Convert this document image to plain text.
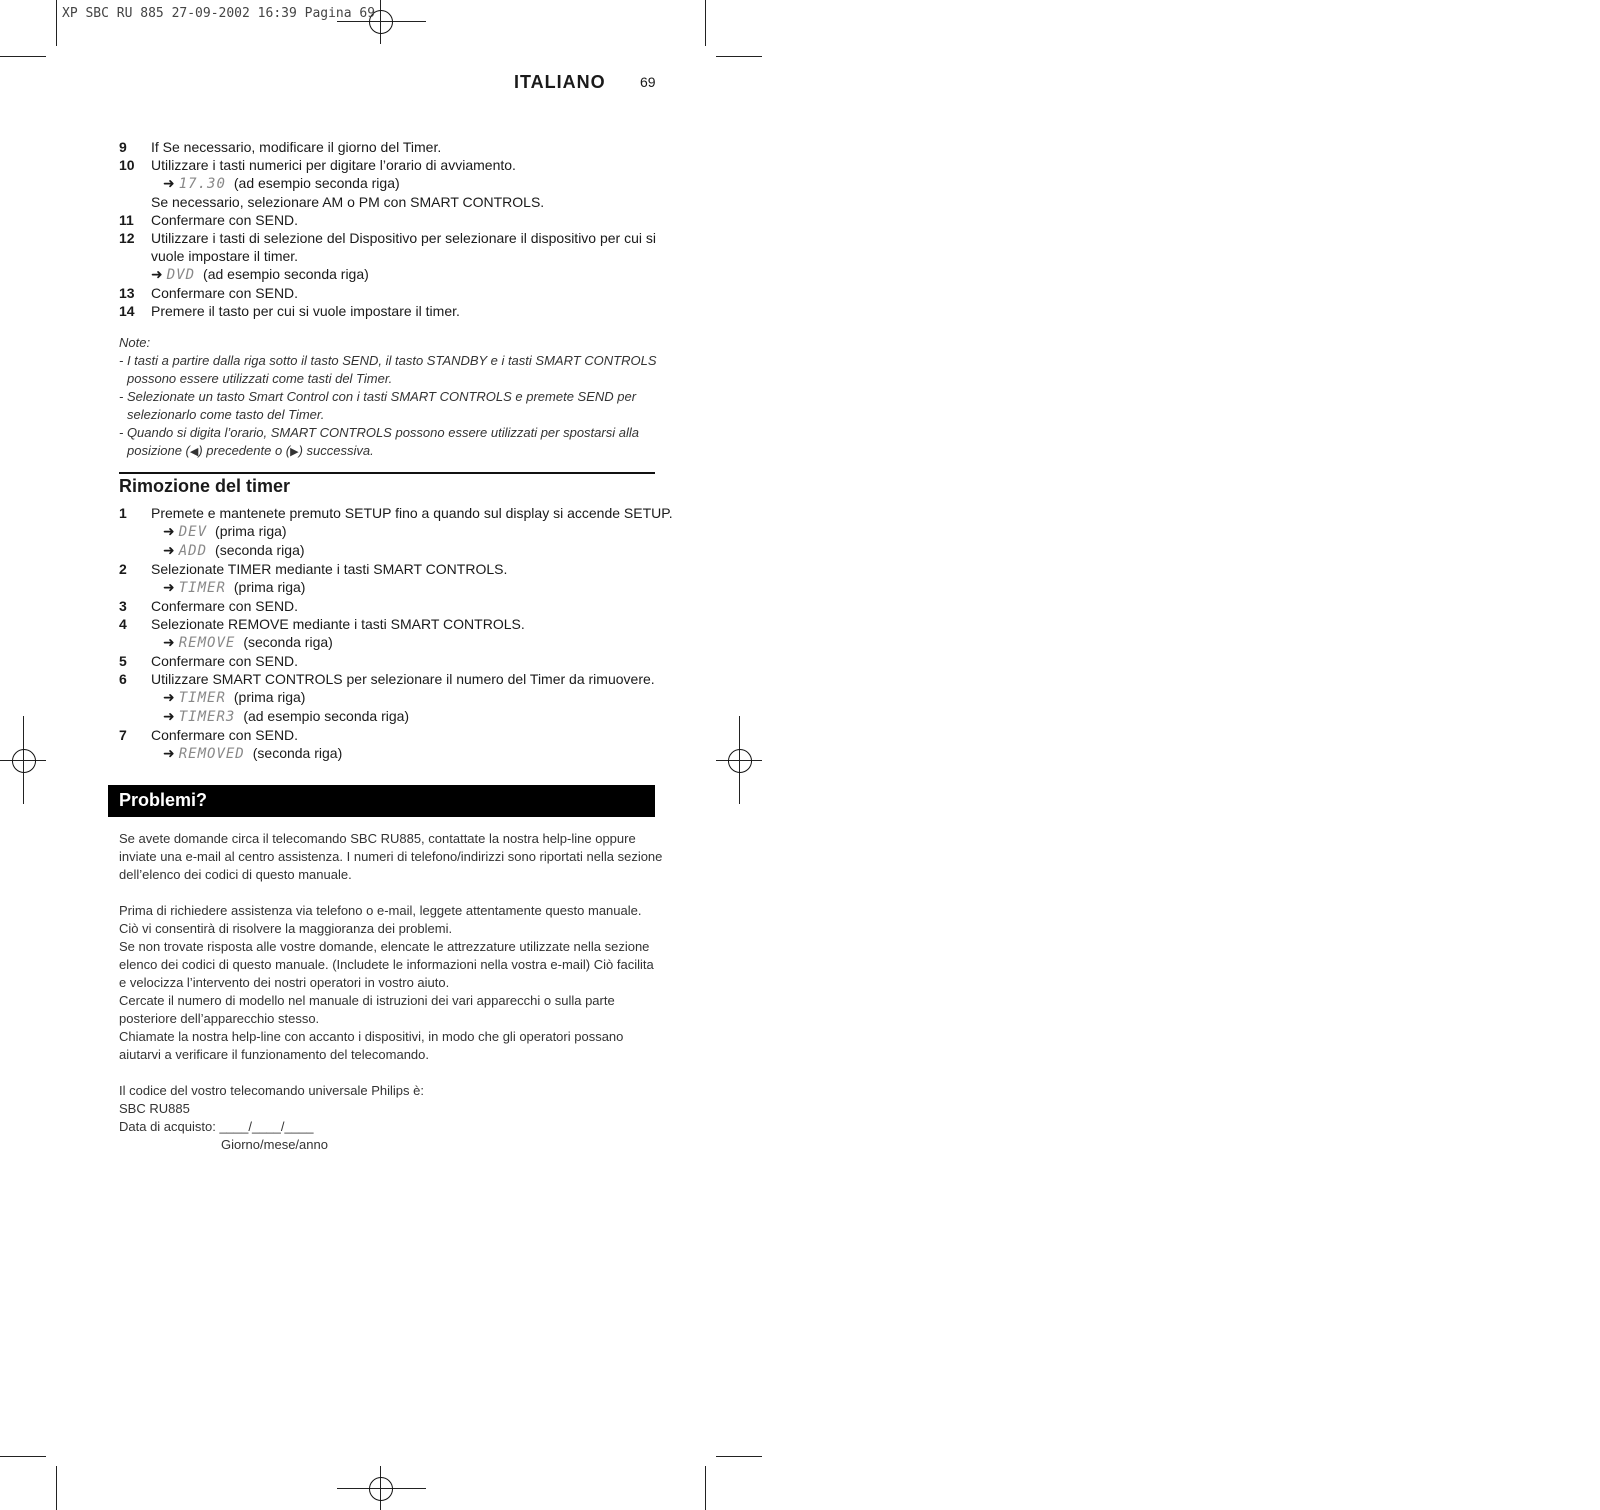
XP SBC RU 885 27-09-2002 16:39 Pagina 69
ITALIANO 69
9	If Se necessario, modificare il giorno del Timer.
10	Utilizzare i tasti numerici per digitare l’orario di avviamento.
➜ 17.30 (ad esempio seconda riga)
Se necessario, selezionare AM o PM con SMART CONTROLS.
11	Confermare con SEND.
12	Utilizzare i tasti di selezione del Dispositivo per selezionare il dispositivo per cui si vuole impostare il timer.
➜ DVD (ad esempio seconda riga)
13	Confermare con SEND.
14	Premere il tasto per cui si vuole impostare il timer.
Note:
- I tasti a partire dalla riga sotto il tasto SEND, il tasto STANDBY e i tasti SMART CONTROLS possono essere utilizzati come tasti del Timer.
- Selezionate un tasto Smart Control con i tasti SMART CONTROLS e premete SEND per selezionarlo come tasto del Timer.
- Quando si digita l’orario, SMART CONTROLS possono essere utilizzati per spostarsi alla posizione (◀) precedente o (▶) successiva.
Rimozione del timer
1	Premete e mantenete premuto SETUP fino a quando sul display si accende SETUP.
➜ DEV (prima riga)
➜ ADD (seconda riga)
2	Selezionate TIMER mediante i tasti SMART CONTROLS.
➜ TIMER (prima riga)
3	Confermare con SEND.
4	Selezionate REMOVE mediante i tasti SMART CONTROLS.
➜ REMOVE (seconda riga)
5	Confermare con SEND.
6	Utilizzare SMART CONTROLS per selezionare il numero del Timer da rimuovere.
➜ TIMER (prima riga)
➜ TIMER3 (ad esempio seconda riga)
7	Confermare con SEND.
➜ REMOVED (seconda riga)
Problemi?

Se avete domande circa il telecomando SBC RU885, contattate la nostra help-line oppure inviate una e-mail al centro assistenza. I numeri di telefono/indirizzi sono riportati nella sezione dell’elenco dei codici di questo manuale.

Prima di richiedere assistenza via telefono o e-mail, leggete attentamente questo manuale. Ciò vi consentirà di risolvere la maggioranza dei problemi.

Se non trovate risposta alle vostre domande, elencate le attrezzature utilizzate nella sezione elenco dei codici di questo manuale. (Includete le informazioni nella vostra e-mail) Ciò facilita e velocizza l’intervento dei nostri operatori in vostro aiuto.

Cercate il numero di modello nel manuale di istruzioni dei vari apparecchi o sulla parte posteriore dell’apparecchio stesso.

Chiamate la nostra help-line con accanto i dispositivi, in modo che gli operatori possano aiutarvi a verificare il funzionamento del telecomando.

Il codice del vostro telecomando universale Philips è:

SBC RU885

Data di acquisto: ____/____/____

Giorno/mese/anno
